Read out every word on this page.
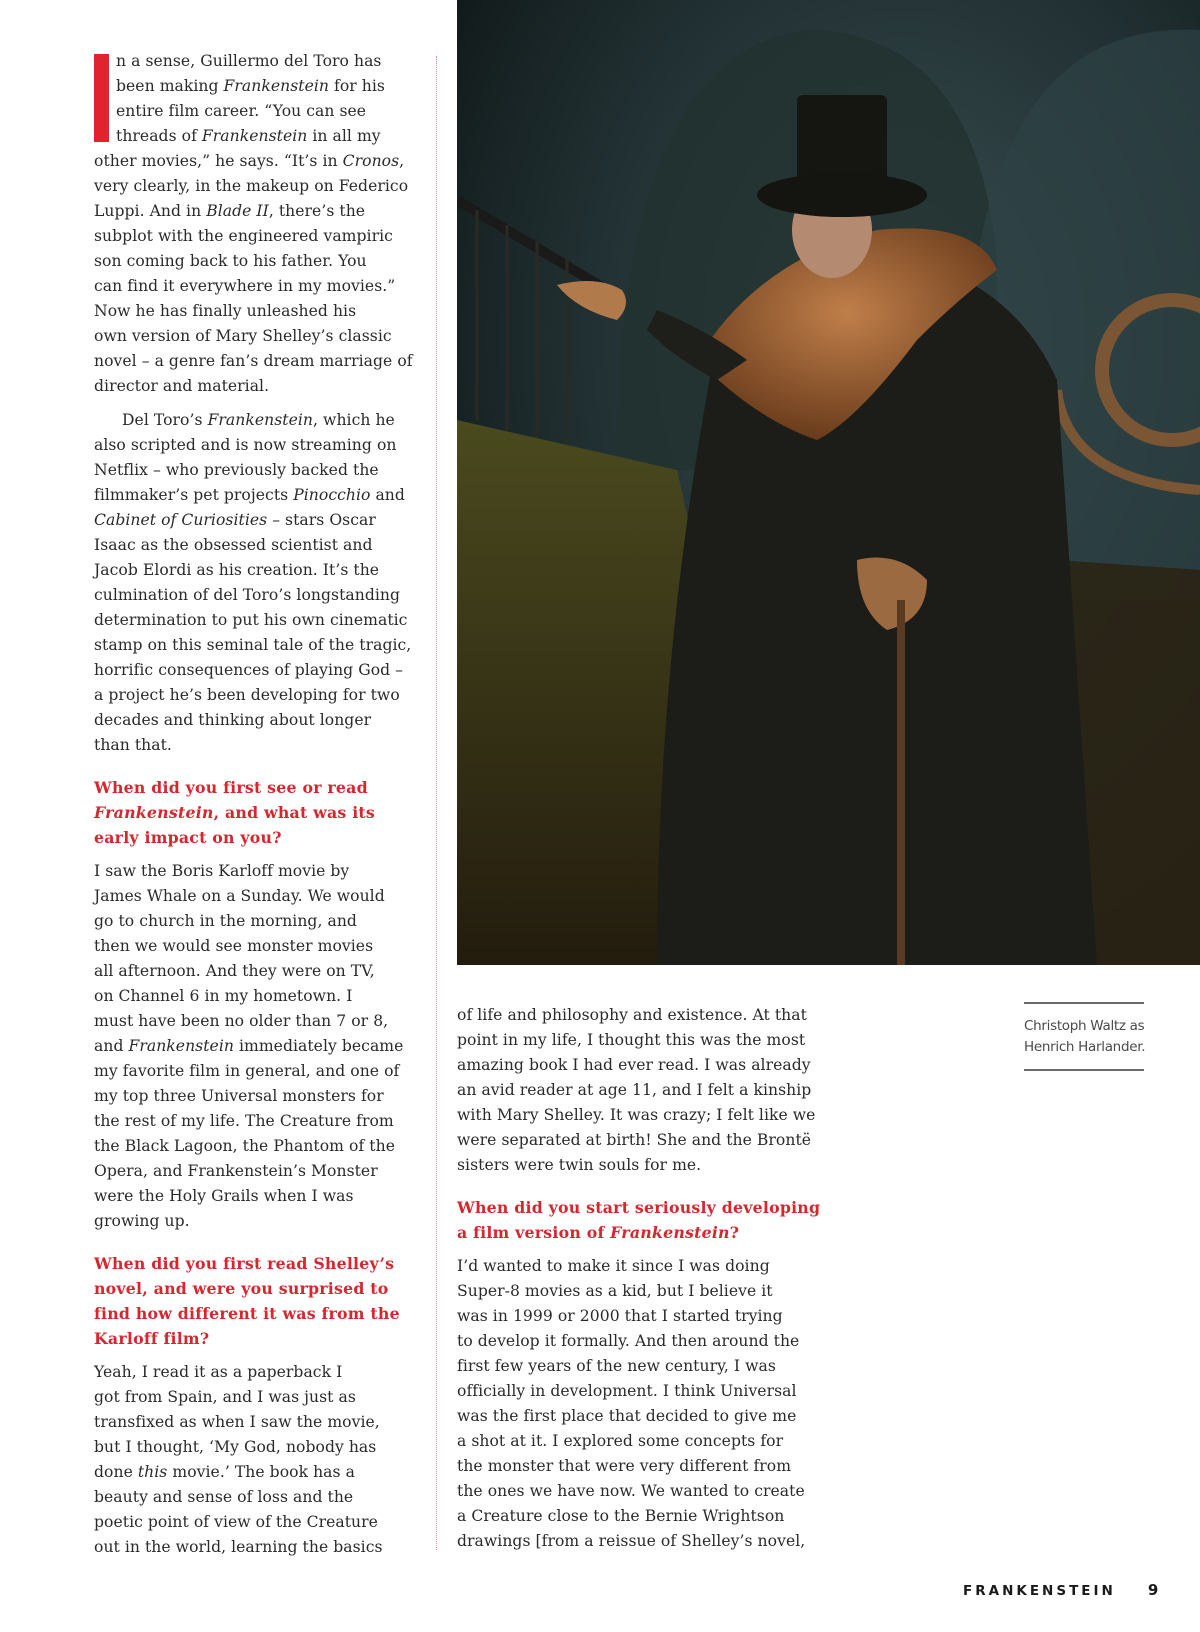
n a sense, Guillermo del Toro has
been making Frankenstein for his
entire film career. “You can see
threads of Frankenstein in all my
other movies,” he says. “It’s in Cronos,
very clearly, in the makeup on Federico
Luppi. And in Blade II, there’s the
subplot with the engineered vampiric
son coming back to his father. You
can find it everywhere in my movies.”
Now he has finally unleashed his
own version of Mary Shelley’s classic
novel – a genre fan’s dream marriage of
director and material.
Del Toro’s Frankenstein, which he
also scripted and is now streaming on
Netflix – who previously backed the
filmmaker’s pet projects Pinocchio and
Cabinet of Curiosities – stars Oscar
Isaac as the obsessed scientist and
Jacob Elordi as his creation. It’s the
culmination of del Toro’s longstanding
determination to put his own cinematic
stamp on this seminal tale of the tragic,
horrific consequences of playing God –
a project he’s been developing for two
decades and thinking about longer
than that.
When did you first see or read
Frankenstein, and what was its
early impact on you?
I saw the Boris Karloff movie by
James Whale on a Sunday. We would
go to church in the morning, and
then we would see monster movies
all afternoon. And they were on TV,
on Channel 6 in my hometown. I
must have been no older than 7 or 8,
and Frankenstein immediately became
my favorite film in general, and one of
my top three Universal monsters for
the rest of my life. The Creature from
the Black Lagoon, the Phantom of the
Opera, and Frankenstein’s Monster
were the Holy Grails when I was
growing up.
When did you first read Shelley’s
novel, and were you surprised to
find how different it was from the
Karloff film?
Yeah, I read it as a paperback I
got from Spain, and I was just as
transfixed as when I saw the movie,
but I thought, ‘My God, nobody has
done this movie.’ The book has a
beauty and sense of loss and the
poetic point of view of the Creature
out in the world, learning the basics
of life and philosophy and existence. At that
point in my life, I thought this was the most
amazing book I had ever read. I was already
an avid reader at age 11, and I felt a kinship
with Mary Shelley. It was crazy; I felt like we
were separated at birth! She and the Brontë
sisters were twin souls for me.
When did you start seriously developing
a film version of Frankenstein?
I’d wanted to make it since I was doing
Super-8 movies as a kid, but I believe it
was in 1999 or 2000 that I started trying
to develop it formally. And then around the
first few years of the new century, I was
officially in development. I think Universal
was the first place that decided to give me
a shot at it. I explored some concepts for
the monster that were very different from
the ones we have now. We wanted to create
a Creature close to the Bernie Wrightson
drawings [from a reissue of Shelley’s novel,
Christoph Waltz as
Henrich Harlander.
FRANKENSTEIN 9
